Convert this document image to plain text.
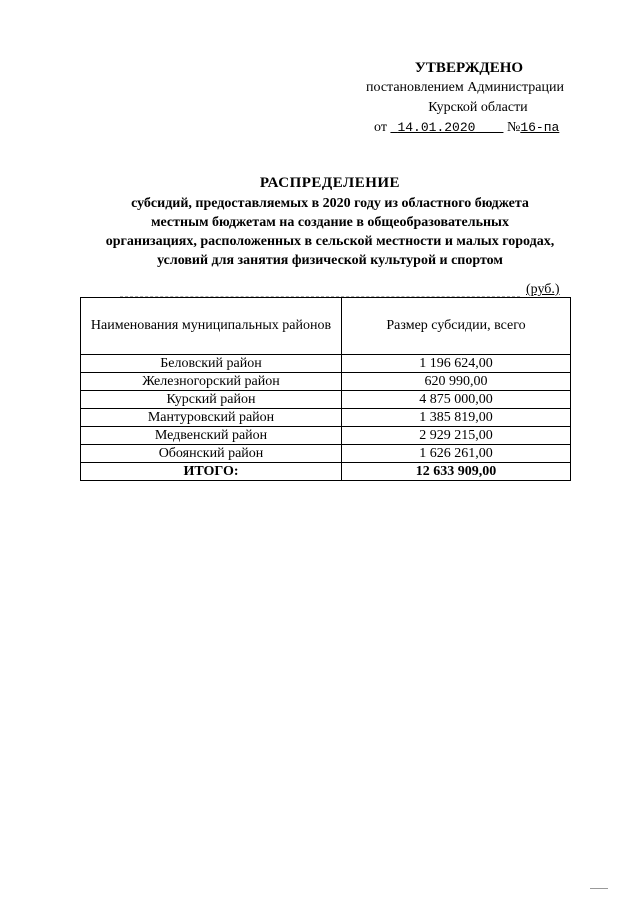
УТВЕРЖДЕНО
постановлением Администрации
Курской области
от 14.01.2020 №16-па
РАСПРЕДЕЛЕНИЕ
субсидий, предоставляемых в 2020 году из областного бюджета
местным бюджетам на создание в общеобразовательных
организациях, расположенных в сельской местности и малых городах,
условий для занятия физической культурой и спортом
(руб.)
Наименования муниципальных районов	Размер субсидии, всего
Беловский район	1 196 624,00
Железногорский район	620 990,00
Курский район	4 875 000,00
Мантуровский район	1 385 819,00
Медвенский район	2 929 215,00
Обоянский район	1 626 261,00
ИТОГО:	12 633 909,00
